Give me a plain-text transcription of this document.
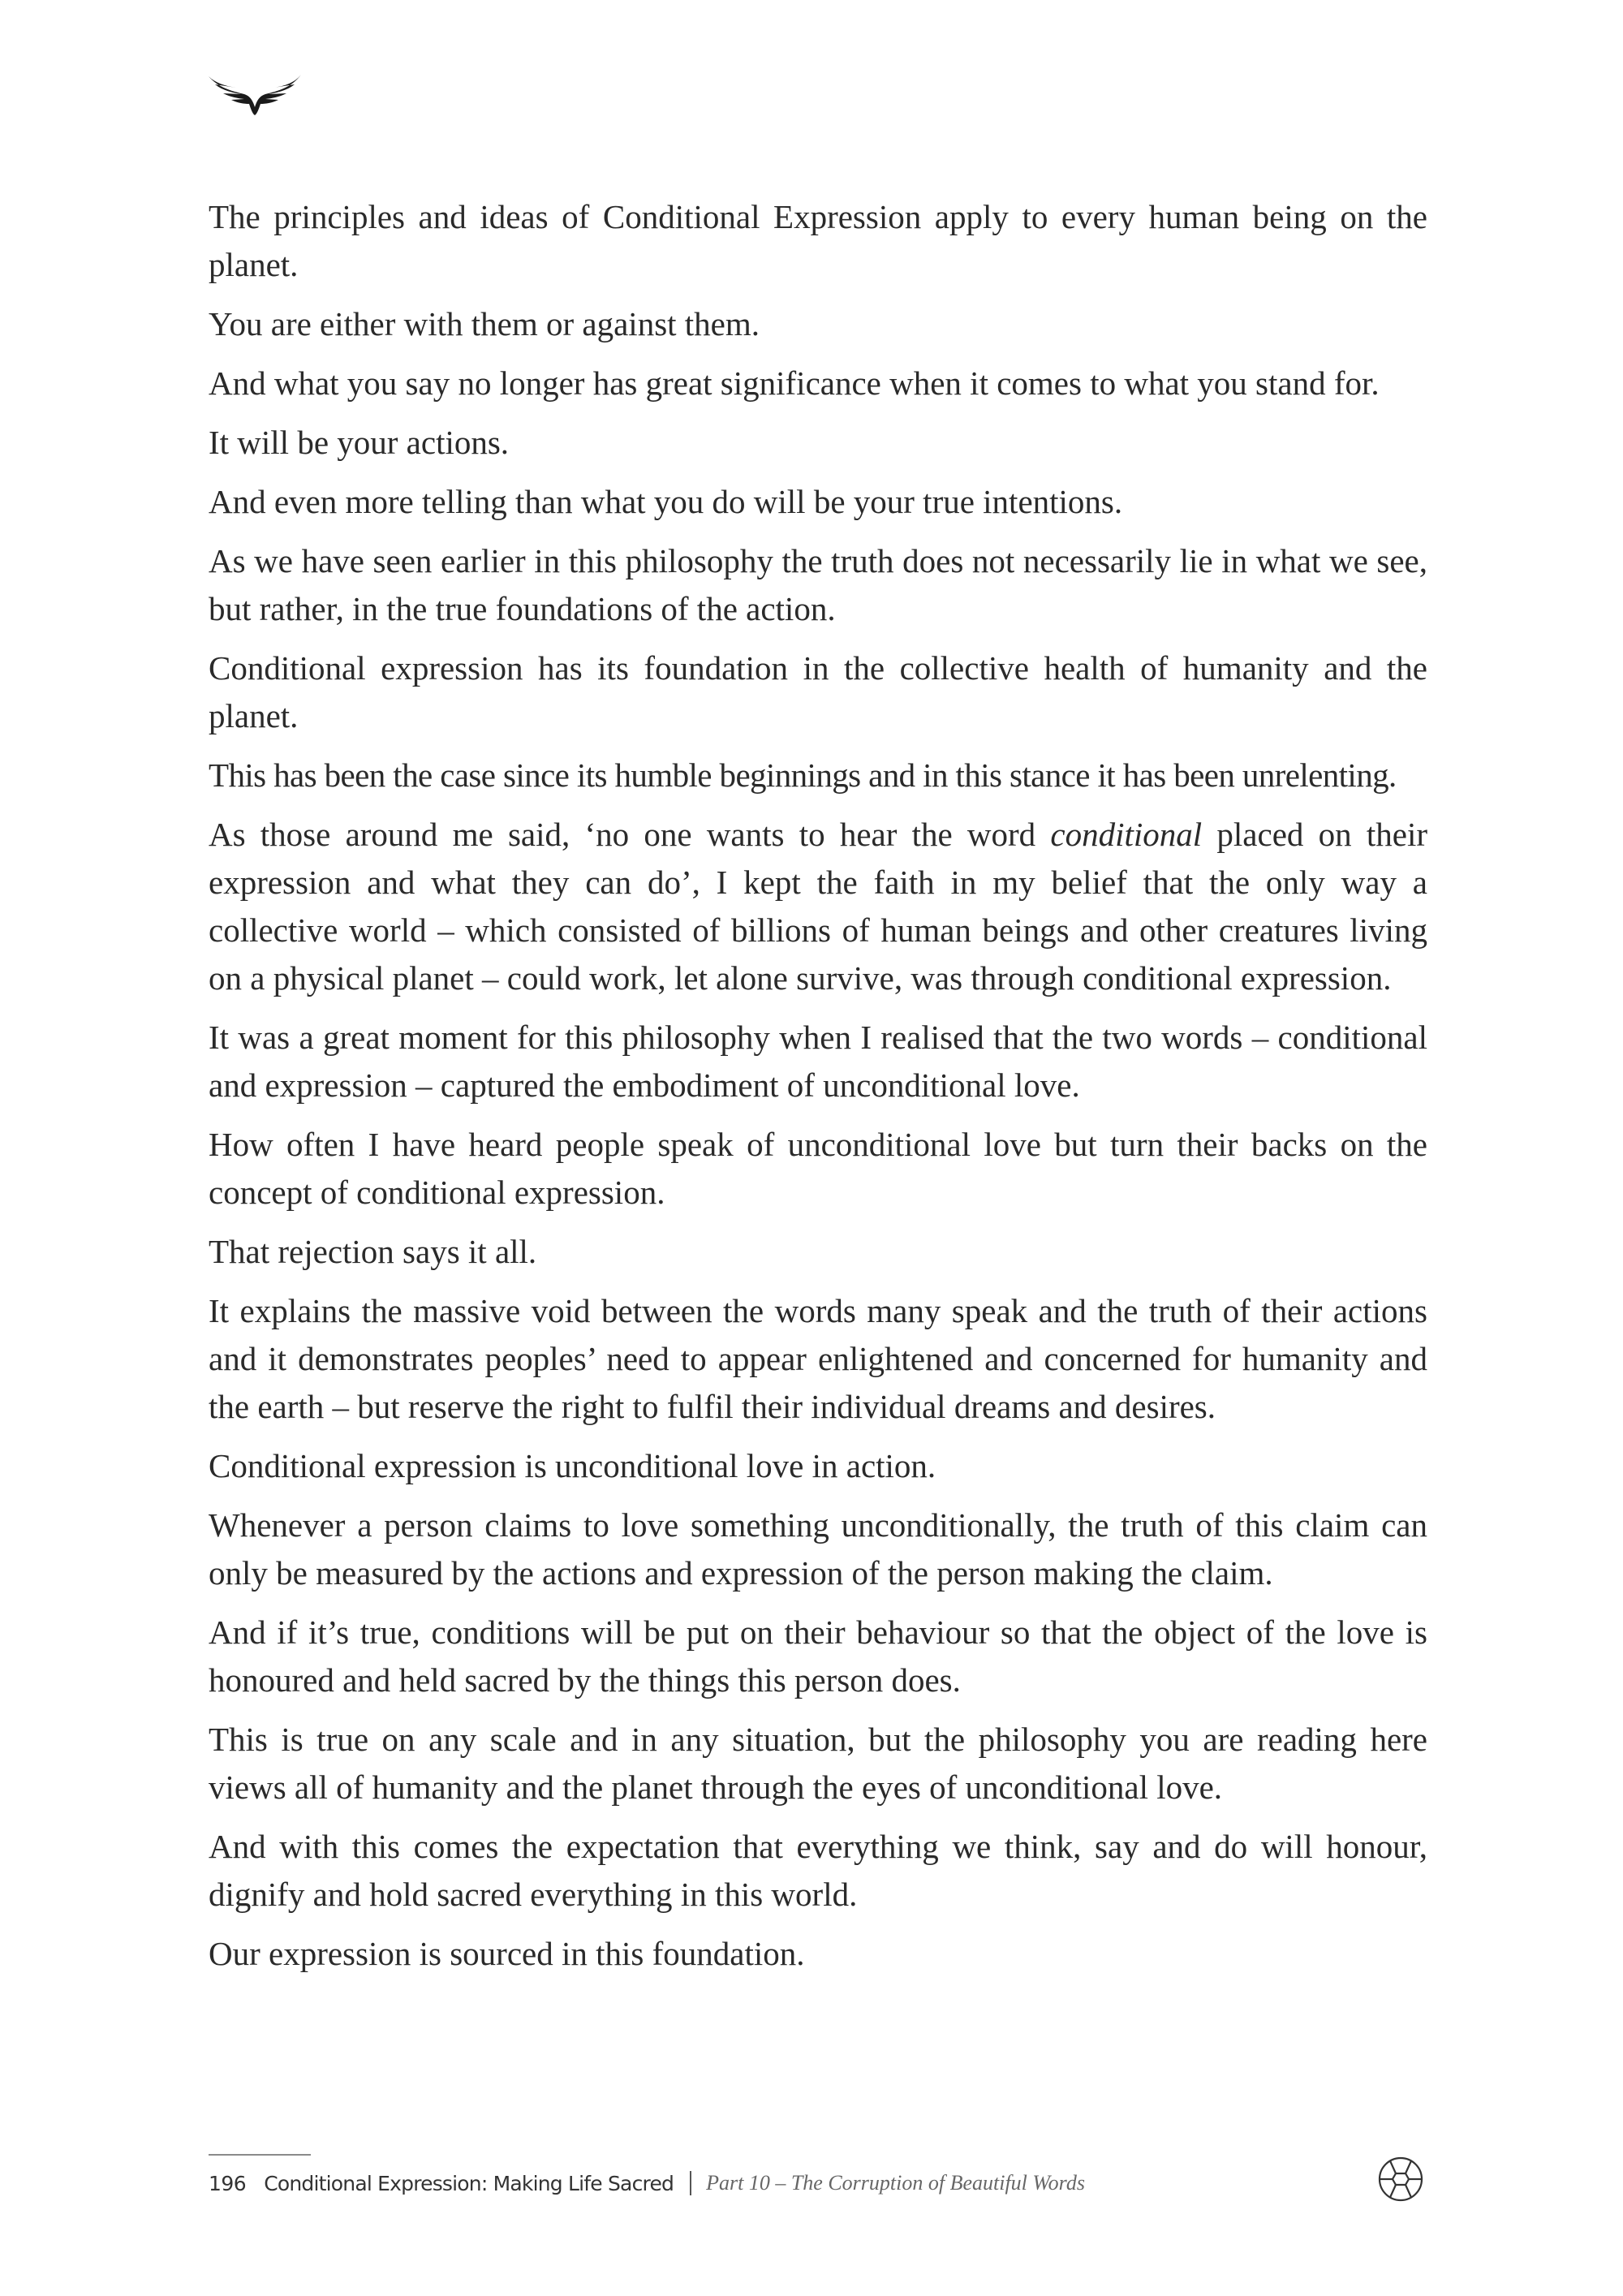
The principles and ideas of Conditional Expression apply to every human being on the planet.

You are either with them or against them.

And what you say no longer has great significance when it comes to what you stand for.

It will be your actions.

And even more telling than what you do will be your true intentions.

As we have seen earlier in this philosophy the truth does not necessarily lie in what we see, but rather, in the true foundations of the action.

Conditional expression has its foundation in the collective health of humanity and the planet.

This has been the case since its humble beginnings and in this stance it has been unrelenting.

As those around me said, ‘no one wants to hear the word conditional placed on their expression and what they can do’, I kept the faith in my belief that the only way a collective world – which consisted of billions of human beings and other creatures living on a physical planet – could work, let alone survive, was through conditional expression.

It was a great moment for this philosophy when I realised that the two words – conditional and expression – captured the embodiment of unconditional love.

How often I have heard people speak of unconditional love but turn their backs on the concept of conditional expression.

That rejection says it all.

It explains the massive void between the words many speak and the truth of their actions and it demonstrates peoples’ need to appear enlightened and concerned for humanity and the earth – but reserve the right to fulfil their individual dreams and desires.

Conditional expression is unconditional love in action.

Whenever a person claims to love something unconditionally, the truth of this claim can only be measured by the actions and expression of the person making the claim.

And if it’s true, conditions will be put on their behaviour so that the object of the love is honoured and held sacred by the things this person does.

This is true on any scale and in any situation, but the philosophy you are reading here views all of humanity and the planet through the eyes of unconditional love.

And with this comes the expectation that everything we think, say and do will honour, dignify and hold sacred everything in this world.

Our expression is sourced in this foundation.

196 Conditional Expression: Making Life Sacred Part 10 – The Corruption of Beautiful Words
